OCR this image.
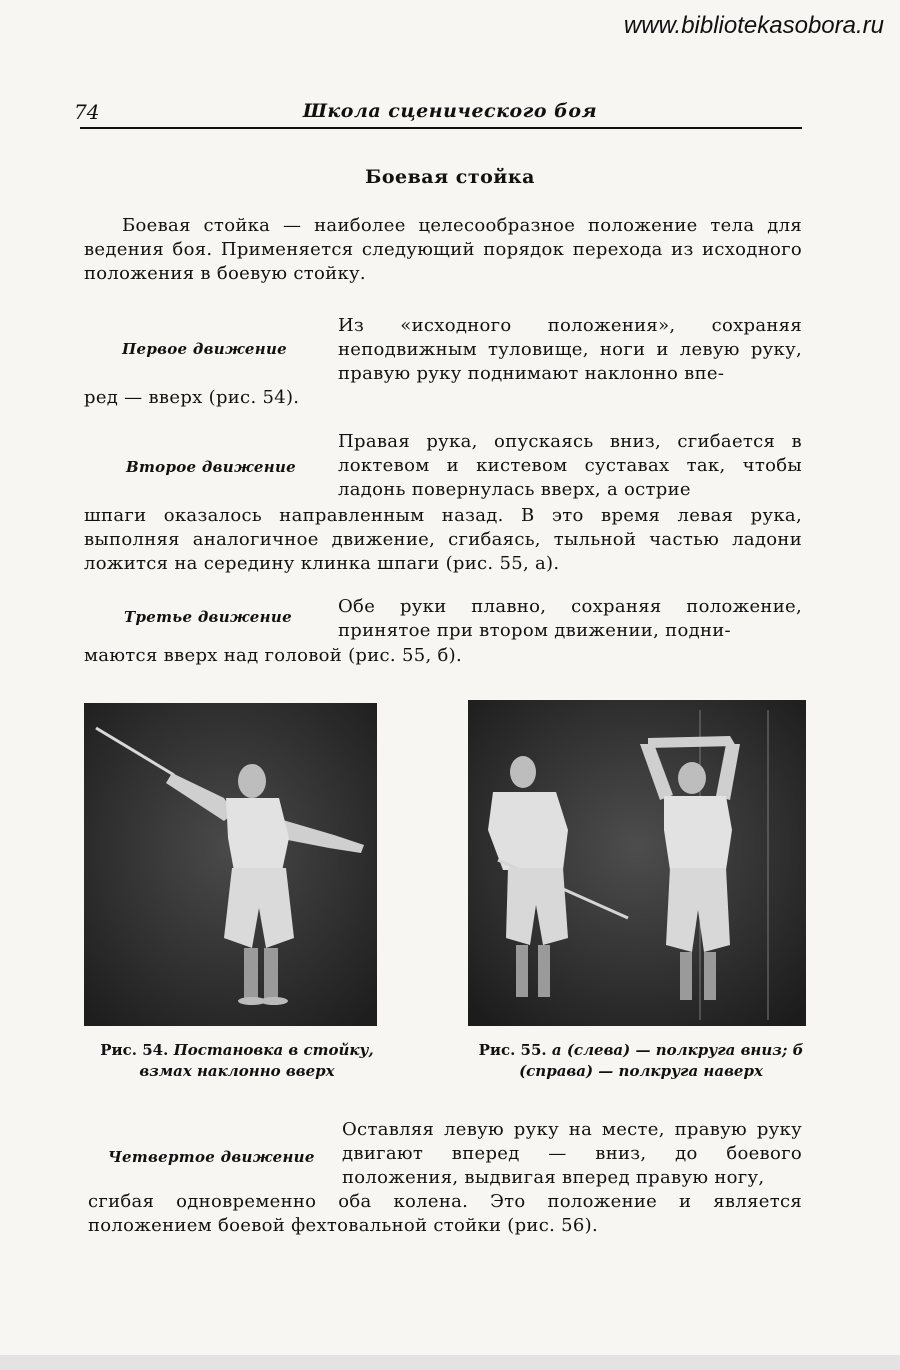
www.bibliotekasobora.ru
74	Школа сценического боя
Боевая стойка
Боевая стойка — наиболее целесообразное положение тела для ведения боя. Применяется следующий порядок перехода из исходного положения в боевую стойку.
Первое движение
Из «исходного положения», сохраняя неподвижным туловище, ноги и левую руку, правую руку поднимают наклонно впе-
ред — вверх (рис. 54).
Второе движение
Правая рука, опускаясь вниз, сгибается в локтевом и кистевом суставах так, чтобы ладонь повернулась вверх, а острие
шпаги оказалось направленным назад. В это время левая рука, выполняя аналогичное движение, сгибаясь, тыльной частью ладони ложится на середину клинка шпаги (рис. 55, а).
Третье движение	Обе руки плавно, сохраняя положение, принятое при втором движении, подни-
маются вверх над головой (рис. 55, б).
Рис. 54. Постановка в стойку, взмах наклонно вверх
Рис. 55. а (слева) — полкруга вниз; б (справа) — полкруга наверх
Четвертое движение
Оставляя левую руку на месте, правую руку двигают вперед — вниз, до боевого положения, выдвигая вперед правую ногу,
сгибая одновременно оба колена. Это положение и является положением боевой фехтовальной стойки (рис. 56).
